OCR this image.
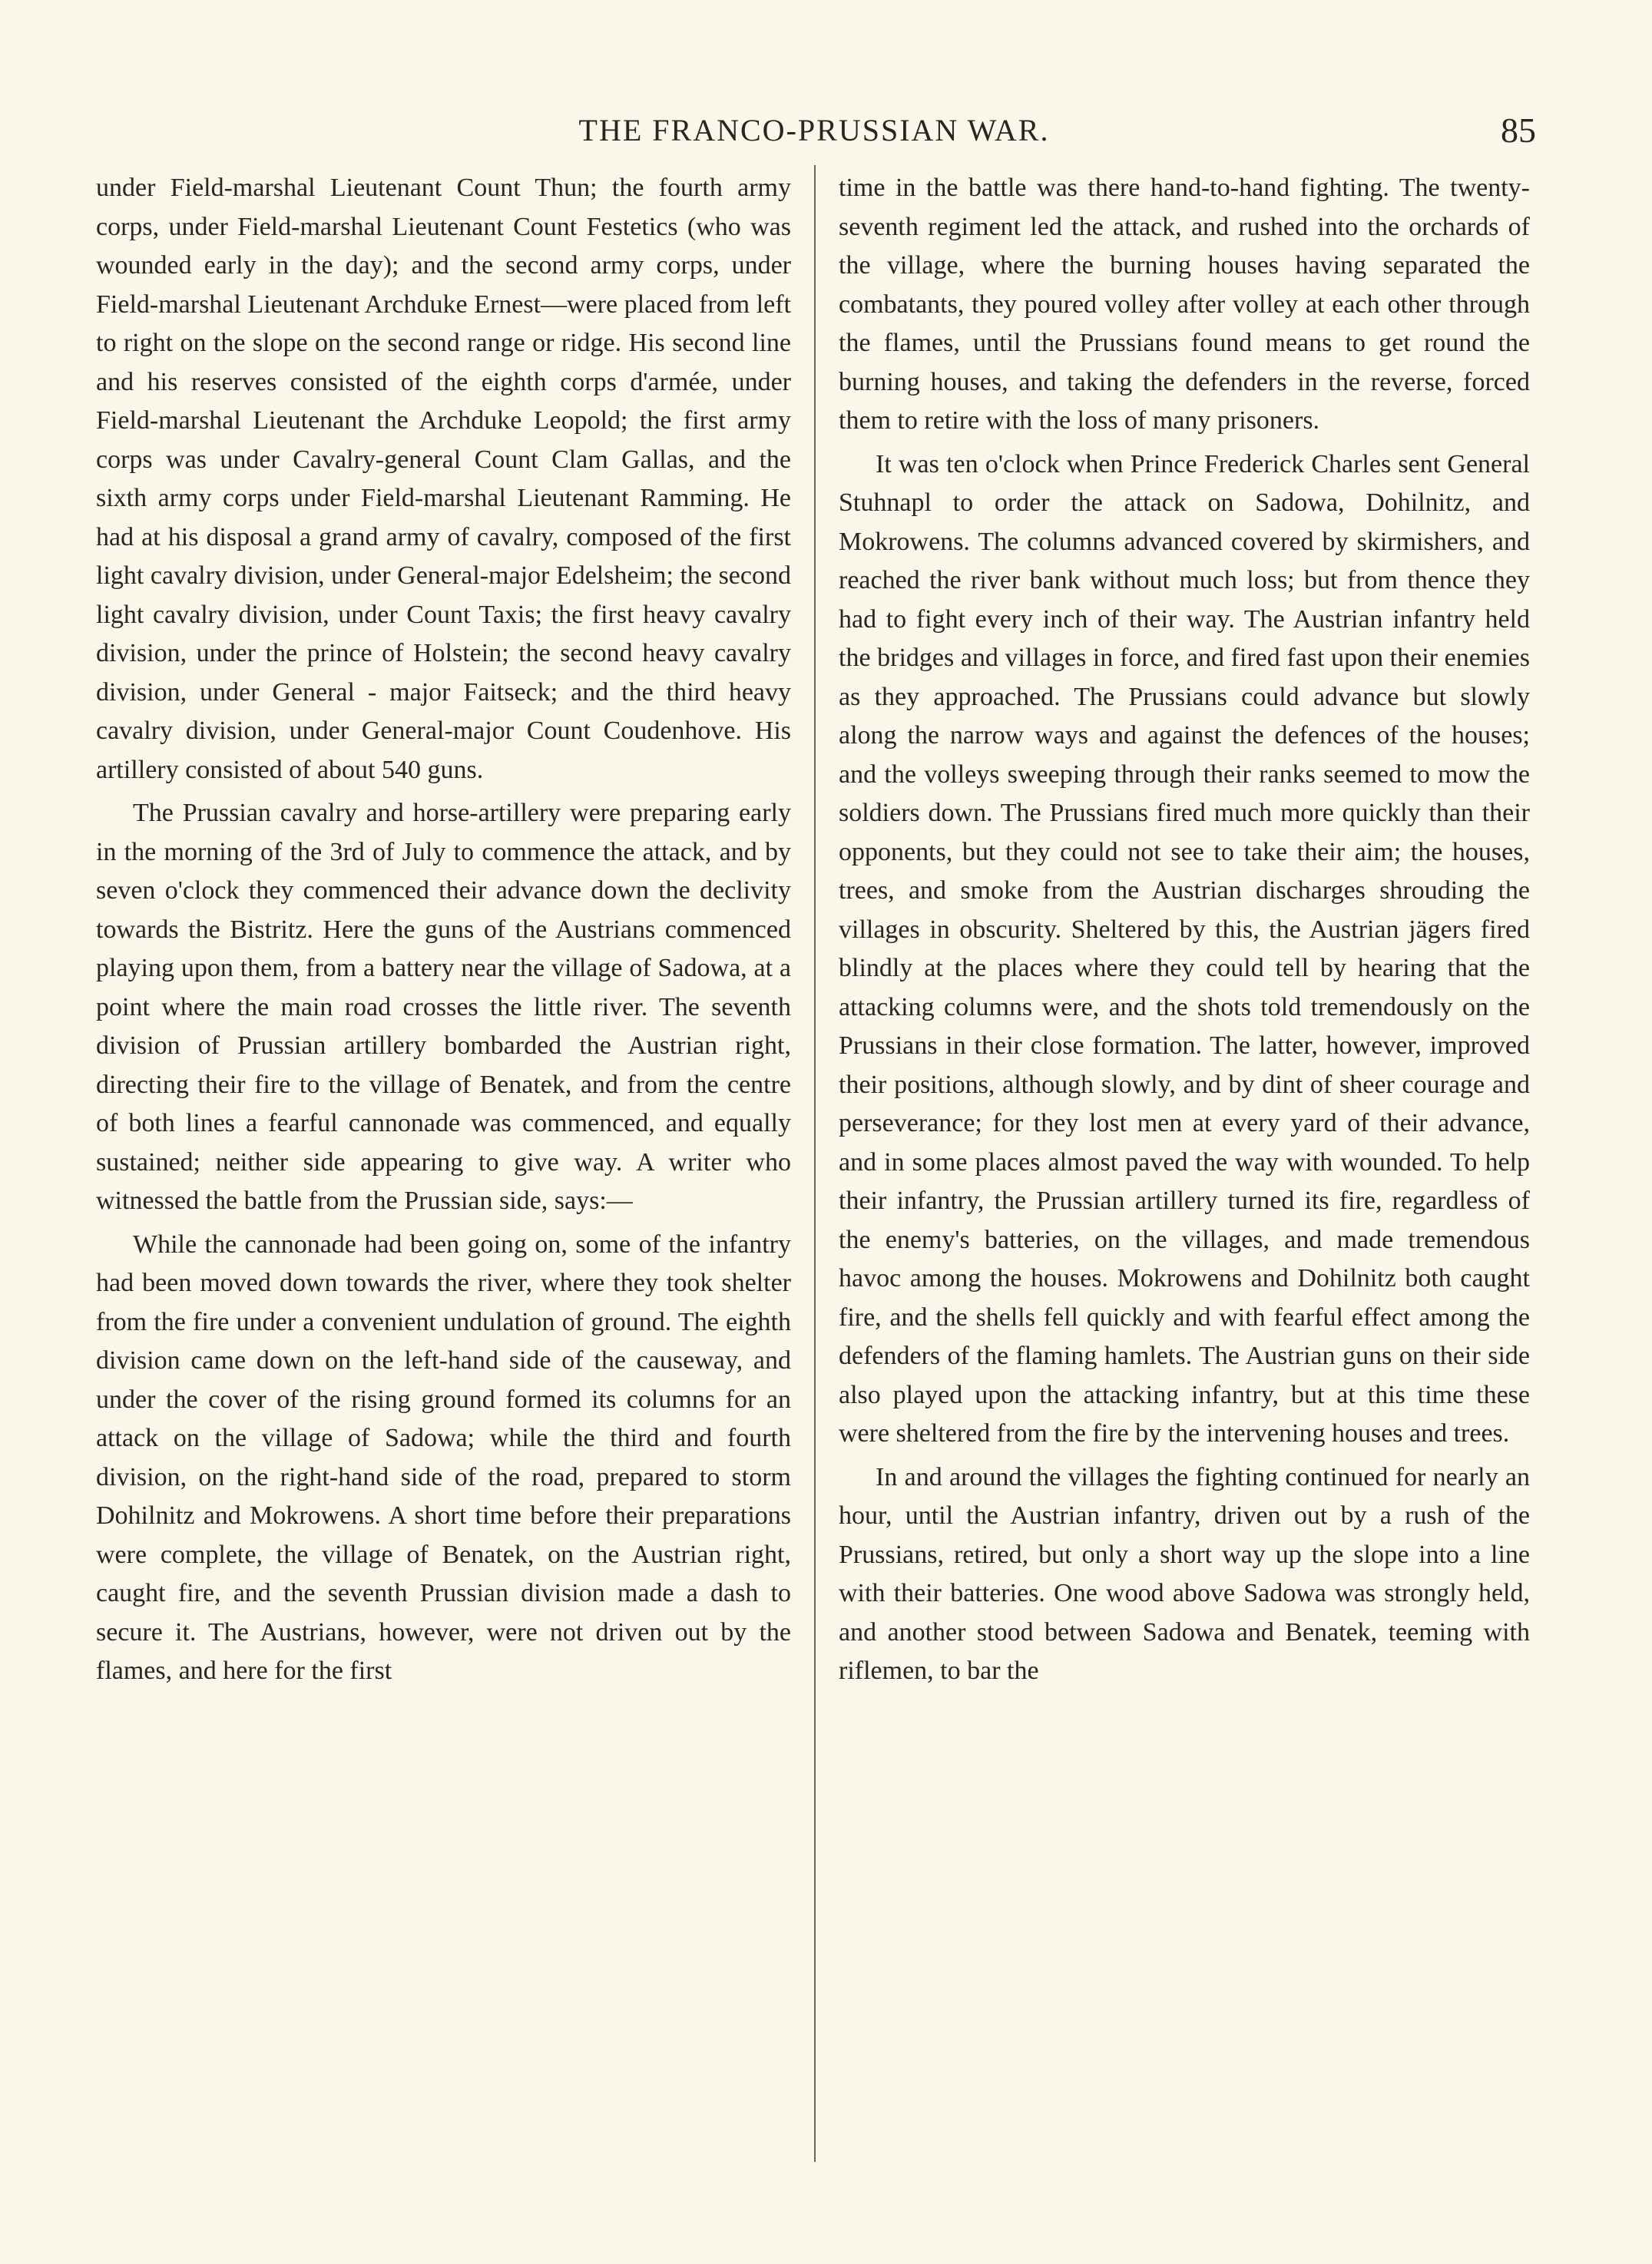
THE FRANCO-PRUSSIAN WAR.	85

under Field-marshal Lieutenant Count Thun; the fourth army corps, under Field-marshal Lieutenant Count Festetics (who was wounded early in the day); and the second army corps, under Field-marshal Lieutenant Archduke Ernest—were placed from left to right on the slope on the second range or ridge. His second line and his reserves consisted of the eighth corps d'armée, under Field-marshal Lieutenant the Archduke Leopold; the first army corps was under Cavalry-general Count Clam Gallas, and the sixth army corps under Field-marshal Lieutenant Ramming. He had at his disposal a grand army of cavalry, composed of the first light cavalry division, under General-major Edelsheim; the second light cavalry division, under Count Taxis; the first heavy cavalry division, under the prince of Holstein; the second heavy cavalry division, under General - major Faitseck; and the third heavy cavalry division, under General-major Count Coudenhove. His artillery consisted of about 540 guns.

The Prussian cavalry and horse-artillery were preparing early in the morning of the 3rd of July to commence the attack, and by seven o'clock they commenced their advance down the declivity towards the Bistritz. Here the guns of the Austrians commenced playing upon them, from a battery near the village of Sadowa, at a point where the main road crosses the little river. The seventh division of Prussian artillery bombarded the Austrian right, directing their fire to the village of Benatek, and from the centre of both lines a fearful cannonade was commenced, and equally sustained; neither side appearing to give way. A writer who witnessed the battle from the Prussian side, says:—

While the cannonade had been going on, some of the infantry had been moved down towards the river, where they took shelter from the fire under a convenient undulation of ground. The eighth division came down on the left-hand side of the causeway, and under the cover of the rising ground formed its columns for an attack on the village of Sadowa; while the third and fourth division, on the right-hand side of the road, prepared to storm Dohilnitz and Mokrowens. A short time before their preparations were complete, the village of Benatek, on the Austrian right, caught fire, and the seventh Prussian division made a dash to secure it. The Austrians, however, were not driven out by the flames, and here for the first

time in the battle was there hand-to-hand fighting. The twenty-seventh regiment led the attack, and rushed into the orchards of the village, where the burning houses having separated the combatants, they poured volley after volley at each other through the flames, until the Prussians found means to get round the burning houses, and taking the defenders in the reverse, forced them to retire with the loss of many prisoners.

It was ten o'clock when Prince Frederick Charles sent General Stuhnapl to order the attack on Sadowa, Dohilnitz, and Mokrowens. The columns advanced covered by skirmishers, and reached the river bank without much loss; but from thence they had to fight every inch of their way. The Austrian infantry held the bridges and villages in force, and fired fast upon their enemies as they approached. The Prussians could advance but slowly along the narrow ways and against the defences of the houses; and the volleys sweeping through their ranks seemed to mow the soldiers down. The Prussians fired much more quickly than their opponents, but they could not see to take their aim; the houses, trees, and smoke from the Austrian discharges shrouding the villages in obscurity. Sheltered by this, the Austrian jägers fired blindly at the places where they could tell by hearing that the attacking columns were, and the shots told tremendously on the Prussians in their close formation. The latter, however, improved their positions, although slowly, and by dint of sheer courage and perseverance; for they lost men at every yard of their advance, and in some places almost paved the way with wounded. To help their infantry, the Prussian artillery turned its fire, regardless of the enemy's batteries, on the villages, and made tremendous havoc among the houses. Mokrowens and Dohilnitz both caught fire, and the shells fell quickly and with fearful effect among the defenders of the flaming hamlets. The Austrian guns on their side also played upon the attacking infantry, but at this time these were sheltered from the fire by the intervening houses and trees.

In and around the villages the fighting continued for nearly an hour, until the Austrian infantry, driven out by a rush of the Prussians, retired, but only a short way up the slope into a line with their batteries. One wood above Sadowa was strongly held, and another stood between Sadowa and Benatek, teeming with riflemen, to bar the
